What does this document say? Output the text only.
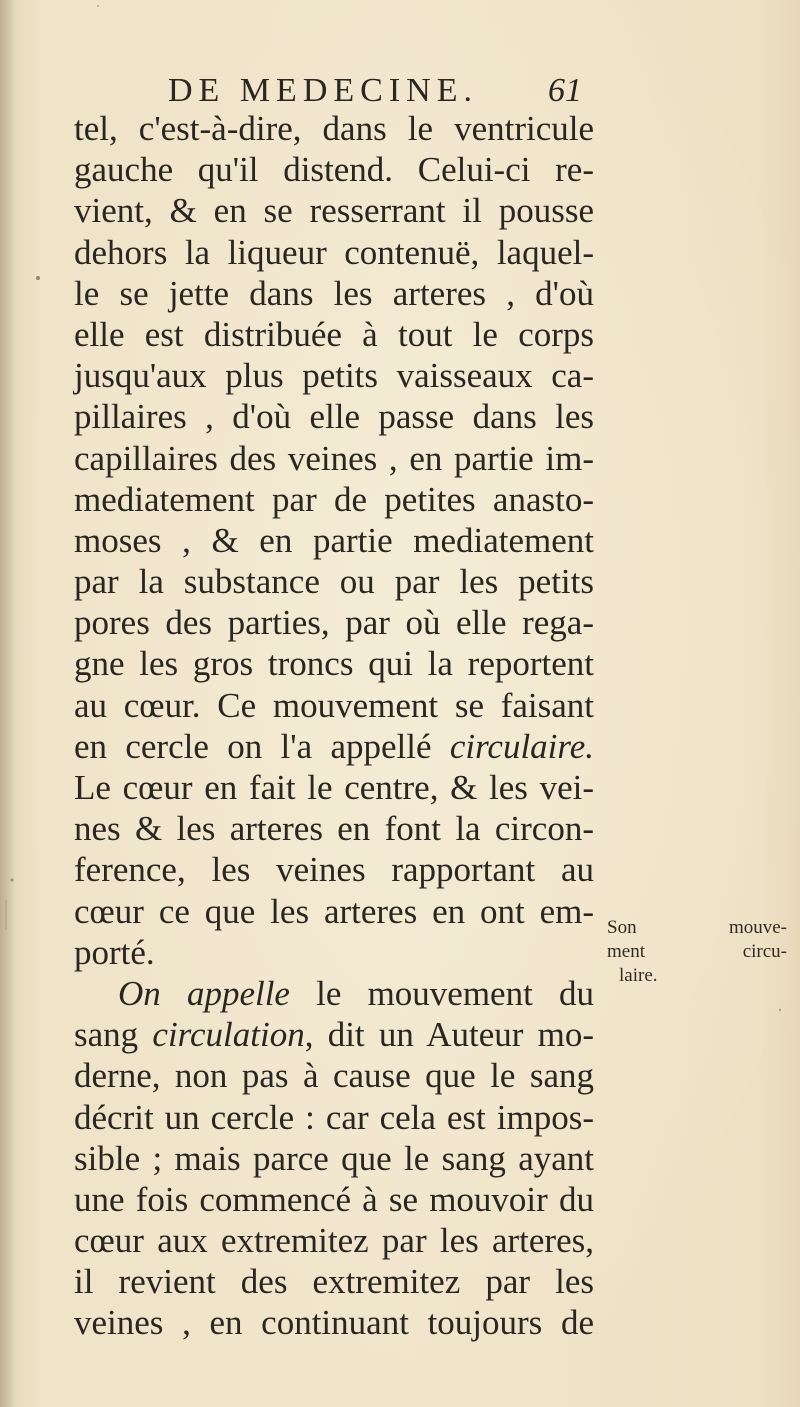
DE MEDECINE. 61
tel, c'est-à-dire, dans le ventricule
gauche qu'il distend. Celui-ci re-
vient, & en se resserrant il pousse
dehors la liqueur contenuë, laquel-
le se jette dans les arteres , d'où
elle est distribuée à tout le corps
jusqu'aux plus petits vaisseaux ca-
pillaires , d'où elle passe dans les
capillaires des veines , en partie im-
mediatement par de petites anasto-
moses , & en partie mediatement
par la substance ou par les petits
pores des parties, par où elle rega-
gne les gros troncs qui la reportent
au cœur. Ce mouvement se faisant
en cercle on l'a appellé circulaire.
Le cœur en fait le centre, & les vei-
nes & les arteres en font la circon-
ference, les veines rapportant au
cœur ce que les arteres en ont em-
porté.
On appelle le mouvement du
sang circulation, dit un Auteur mo-
derne, non pas à cause que le sang
décrit un cercle : car cela est impos-
sible ; mais parce que le sang ayant
une fois commencé à se mouvoir du
cœur aux extremitez par les arteres,
il revient des extremitez par les
veines , en continuant toujours de
Son mouve-
ment circu-
laire.
